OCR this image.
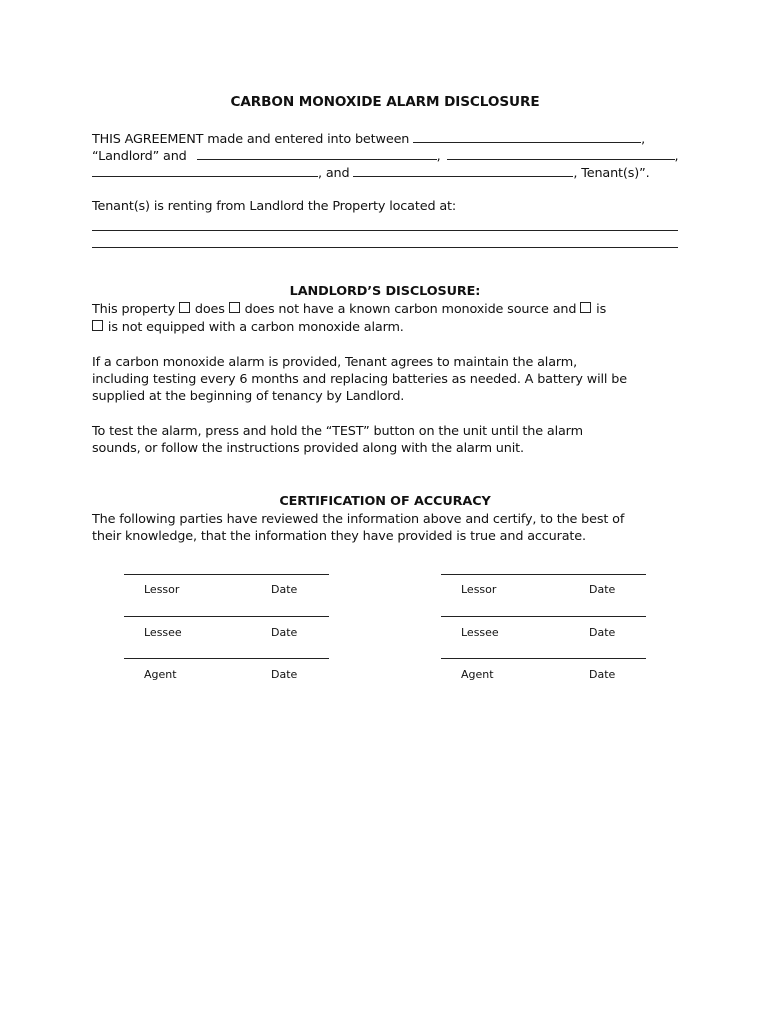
CARBON MONOXIDE ALARM DISCLOSURE
THIS AGREEMENT made and entered into between	,
“Landlord” and	,	,
, and	, Tenant(s)”.
Tenant(s) is renting from Landlord the Property located at:
LANDLORD’S DISCLOSURE:
This property  does  does not have a known carbon monoxide source and  is
is not equipped with a carbon monoxide alarm.
If a carbon monoxide alarm is provided, Tenant agrees to maintain the alarm,
including testing every 6 months and replacing batteries as needed. A battery will be
supplied at the beginning of tenancy by Landlord.
To test the alarm, press and hold the “TEST” button on the unit until the alarm
sounds, or follow the instructions provided along with the alarm unit.
CERTIFICATION OF ACCURACY
The following parties have reviewed the information above and certify, to the best of
their knowledge, that the information they have provided is true and accurate.
Lessor	Date
Lessee	Date
Agent	Date
Lessor	Date
Lessee	Date
Agent	Date
